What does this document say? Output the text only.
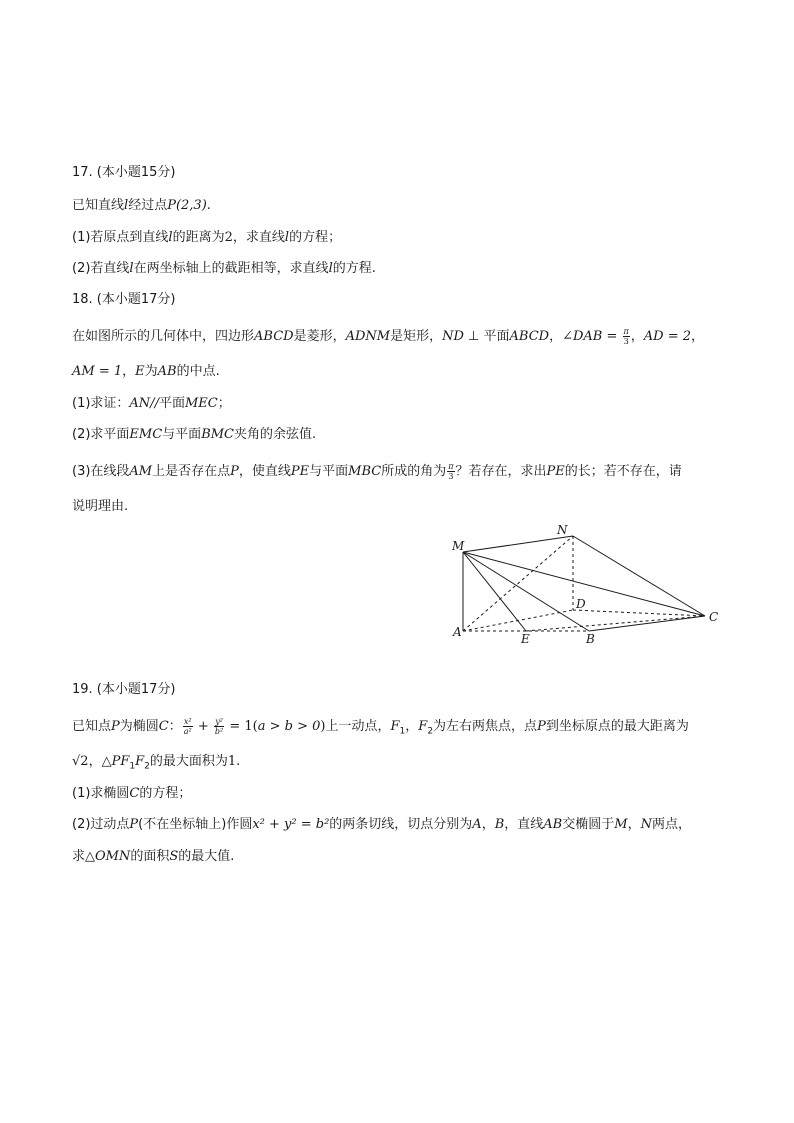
17. (本小题15分)
已知直线l经过点P(2,3).
(1)若原点到直线l的距离为2，求直线l的方程；
(2)若直线l在两坐标轴上的截距相等，求直线l的方程.
18. (本小题17分)
在如图所示的几何体中，四边形ABCD是菱形，ADNM是矩形，ND ⊥ 平面ABCD，∠DAB = $\frac{\pi}{3}$ ，AD = 2，
AM = 1，E为AB的中点.
(1)求证：AN//平面MEC；
(2)求平面EMC与平面BMC夹角的余弦值.
(3)在线段AM上是否存在点P，使直线PE与平面MBC所成的角为 $\frac{\pi}{3}$ ？若存在，求出PE的长；若不存在，请
说明理由.
M
N
D
A	E	B
C
19. (本小题17分)
已知点P为椭圆C： $\frac{\text{x²}}{\text{a²}} + \frac{\text{y²}}{\text{b²}} = 1(a > b > 0)$上一动点，$F_1$，$F_2$为左右两焦点，点P到坐标原点的最大距离为
√2，$\triangle PF_1F_2$的最大面积为1.
(1)求椭圆C的方程；
(2)过动点P(不在坐标轴上)作圆x² + y² = b²的两条切线，切点分别为A，B，直线AB交椭圆于M，N两点，
求△OMN的面积S的最大值.
